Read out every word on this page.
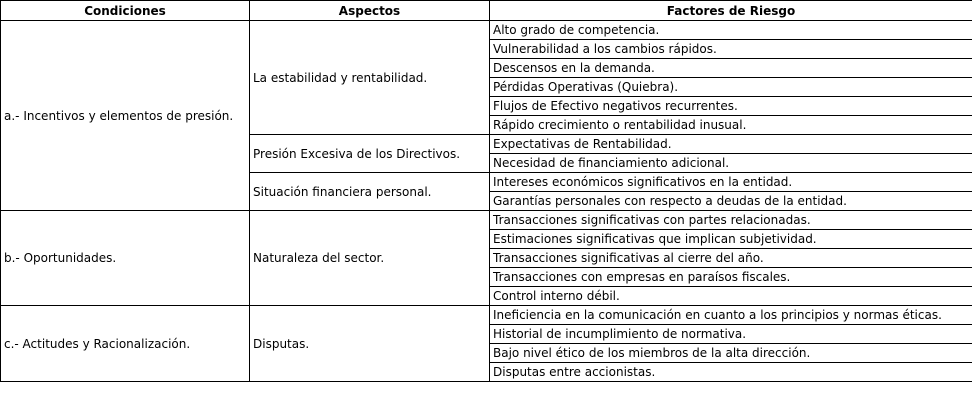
Condiciones	Aspectos	Factores de Riesgo
a.- Incentivos y elementos de presión.	La estabilidad y rentabilidad.	Alto grado de competencia.
		Vulnerabilidad a los cambios rápidos.
		Descensos en la demanda.
		Pérdidas Operativas (Quiebra).
		Flujos de Efectivo negativos recurrentes.
		Rápido crecimiento o rentabilidad inusual.
	Presión Excesiva de los Directivos.	Expectativas de Rentabilidad.
		Necesidad de financiamiento adicional.
	Situación financiera personal.	Intereses económicos significativos en la entidad.
		Garantías personales con respecto a deudas de la entidad.
b.- Oportunidades.	Naturaleza del sector.	Transacciones significativas con partes relacionadas.
		Estimaciones significativas que implican subjetividad.
		Transacciones significativas al cierre del año.
		Transacciones con empresas en paraísos fiscales.
		Control interno débil.
c.- Actitudes y Racionalización.	Disputas.	Ineficiencia en la comunicación en cuanto a los principios y normas éticas.
		Historial de incumplimiento de normativa.
		Bajo nivel ético de los miembros de la alta dirección.
		Disputas entre accionistas.
